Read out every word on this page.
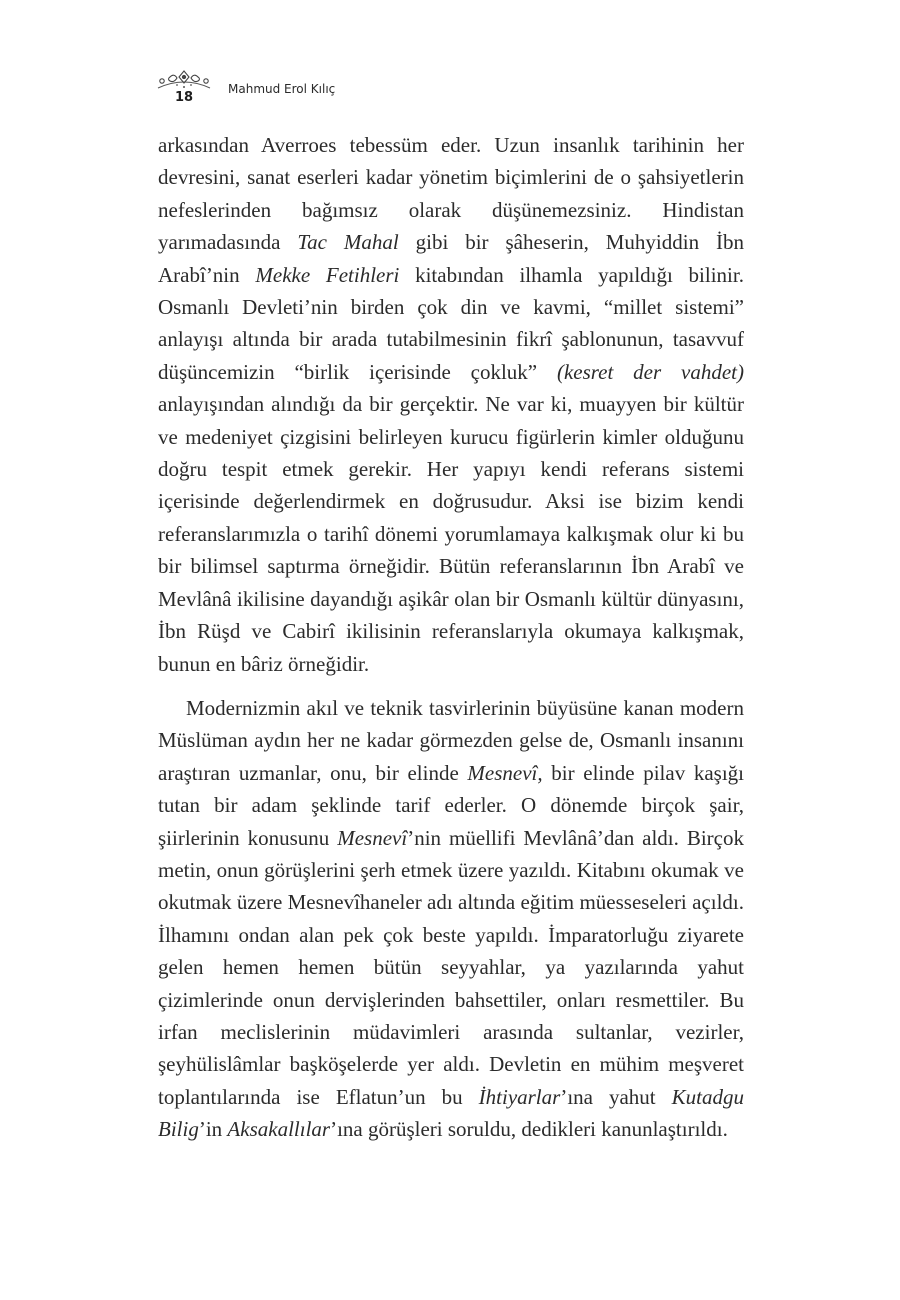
18
Mahmud Erol Kılıç

arkasından Averroes tebessüm eder. Uzun insanlık tarihinin her devresini, sanat eserleri kadar yönetim biçimlerini de o şahsiyetlerin nefeslerinden bağımsız olarak düşünemezsiniz. Hindistan yarımadasında Tac Mahal gibi bir şâheserin, Muhyiddin İbn Arabî’nin Mekke Fetihleri kitabından ilhamla yapıldığı bilinir. Osmanlı Devleti’nin birden çok din ve kavmi, “millet sistemi” anlayışı altında bir arada tutabilmesinin fikrî şablonunun, tasavvuf düşüncemizin “birlik içerisinde çokluk” (kesret der vahdet) anlayışından alındığı da bir gerçektir. Ne var ki, muayyen bir kültür ve medeniyet çizgisini belirleyen kurucu figürlerin kimler olduğunu doğru tespit etmek gerekir. Her yapıyı kendi referans sistemi içerisinde değerlendirmek en doğrusudur. Aksi ise bizim kendi referanslarımızla o tarihî dönemi yorumlamaya kalkışmak olur ki bu bir bilimsel saptırma örneğidir. Bütün referanslarının İbn Arabî ve Mevlânâ ikilisine dayandığı aşikâr olan bir Osmanlı kültür dünyasını, İbn Rüşd ve Cabirî ikilisinin referanslarıyla okumaya kalkışmak, bunun en bâriz örneğidir.

Modernizmin akıl ve teknik tasvirlerinin büyüsüne kanan modern Müslüman aydın her ne kadar görmezden gelse de, Osmanlı insanını araştıran uzmanlar, onu, bir elinde Mesnevî, bir elinde pilav kaşığı tutan bir adam şeklinde tarif ederler. O dönemde birçok şair, şiirlerinin konusunu Mesnevî’nin müellifi Mevlânâ’dan aldı. Birçok metin, onun görüşlerini şerh etmek üzere yazıldı. Kitabını okumak ve okutmak üzere Mesnevîhaneler adı altında eğitim müesseseleri açıldı. İlhamını ondan alan pek çok beste yapıldı. İmparatorluğu ziyarete gelen hemen hemen bütün seyyahlar, ya yazılarında yahut çizimlerinde onun dervişlerinden bahsettiler, onları resmettiler. Bu irfan meclislerinin müdavimleri arasında sultanlar, vezirler, şeyhülislâmlar başköşelerde yer aldı. Devletin en mühim meşveret toplantılarında ise Eflatun’un bu İhtiyarlar’ına yahut Kutadgu Bilig’in Aksakallılar’ına görüşleri soruldu, dedikleri kanunlaştırıldı.
